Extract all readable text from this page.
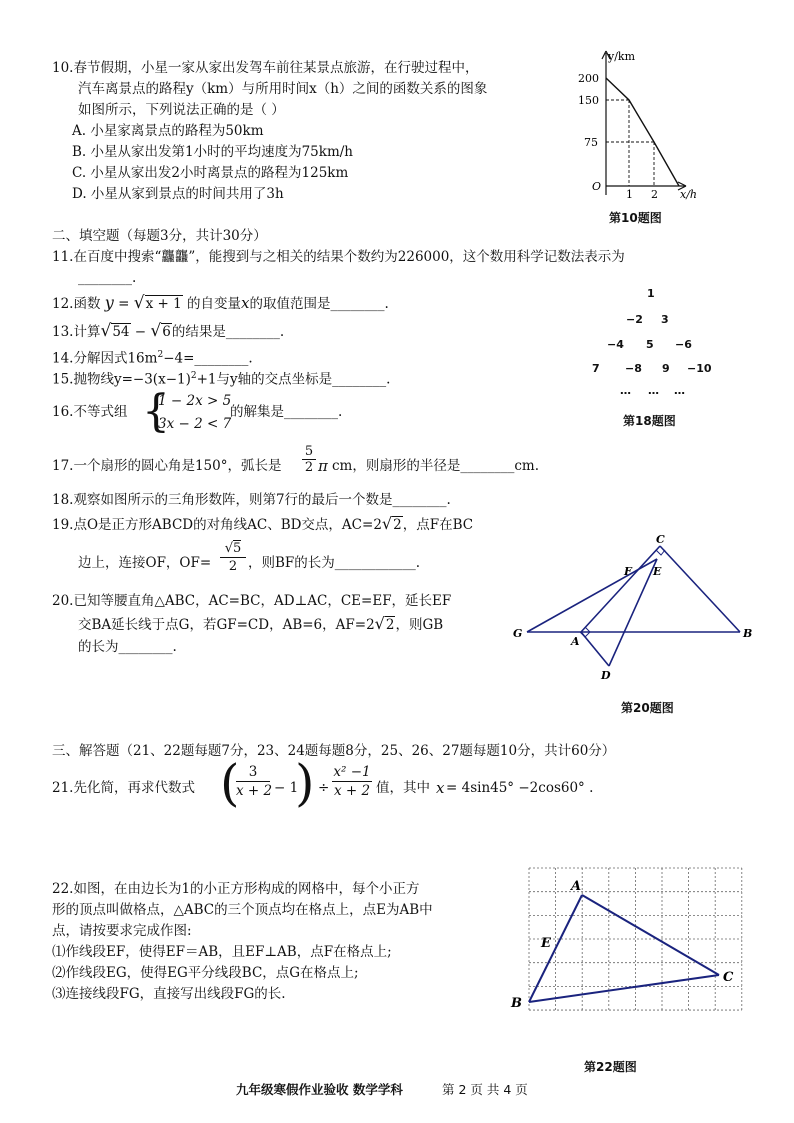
10.春节假期，小星一家从家出发驾车前往某景点旅游，在行驶过程中，
汽车离景点的路程y（km）与所用时间x（h）之间的函数关系的图象
如图所示，下列说法正确的是（ ）
A. 小星家离景点的路程为50km
B. 小星从家出发第1小时的平均速度为75km/h
C. 小星从家出发2小时离景点的路程为125km
D. 小星从家到景点的时间共用了3h
y/km
200
150
75
O
1 2 x/h
第10题图
二、填空题（每题3分，共计30分）
11.在百度中搜索“龘龘”，能搜到与之相关的结果个数约为226000，这个数用科学记数法表示为
________.
12.函数 y = √x + 1 的自变量x的取值范围是________.
13.计算√54 − √6的结果是________.
14.分解因式$16m^2-4=\_\_\_\_\_\_\_\_$.
15.抛物线$y=-3(x-1)^2+1$与y轴的交点坐标是________.
16.不等式组 {
1 − 2x > 5
3x − 2 < 7
的解集是________.
1
−2 3
−4 5 −6
7 −8 9 −10
… … …
第18题图
17.一个扇形的圆心角是150°，弧长是 $\frac{5}{2}$ π cm，则扇形的半径是________cm.
18.观察如图所示的三角形数阵，则第7行的最后一个数是________.
19.点O是正方形ABCD的对角线AC、BD交点，AC=2√2，点F在BC
边上，连接OF，$OF= \frac{√5}{2}$ ，则BF的长为____________.
20.已知等腰直角△ABC，AC=BC，AD⊥AC，CE=EF，延长EF
交BA延长线于点G，若GF=CD，AB=6，AF=2√2，则GB
的长为________.
C
F E
G
A
B
D
第20题图
三、解答题（21、22题每题7分，23、24题每题8分，25、26、27题每题10分，共计60分）
21.先化简，再求代数式 (
$\frac{3}{x + 2} - 1$
) ÷ $\frac{\text{x² −1}}{x + 2}$ 值，其中 x = 4sin45° −2cos60° .
22.如图，在由边长为1的小正方形构成的网格中，每个小正方
形的顶点叫做格点，△ABC的三个顶点均在格点上，点E为AB中
点，请按要求完成作图:
⑴作线段EF，使得EF＝AB，且EF⊥AB，点F在格点上;
⑵作线段EG，使得EG平分线段BC，点G在格点上;
⑶连接线段FG，直接写出线段FG的长.
A
E
C
B
第22题图
九年级寒假作业验收 数学学科	第 2 页 共 4 页
